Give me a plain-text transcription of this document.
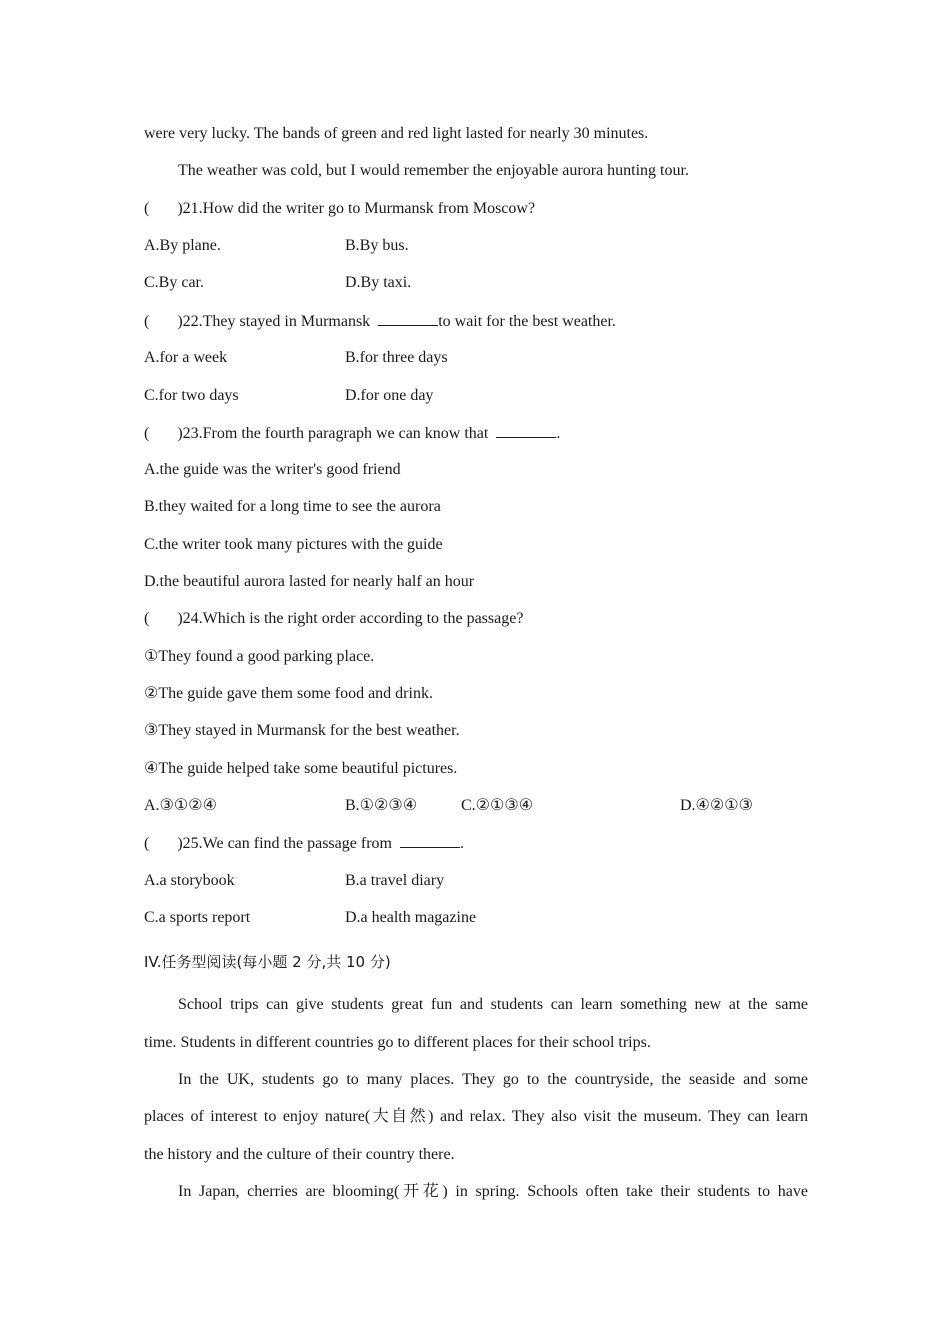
were very lucky. The bands of green and red light lasted for nearly 30 minutes.
The weather was cold, but I would remember the enjoyable aurora hunting tour.
( )21.How did the writer go to Murmansk from Moscow?
A.By plane.	B.By bus.
C.By car.	D.By taxi.
( )22.They stayed in Murmansk	to wait for the best weather.
A.for a week	B.for three days
C.for two days	D.for one day
( )23.From the fourth paragraph we can know that	.
A.the guide was the writer's good friend
B.they waited for a long time to see the aurora
C.the writer took many pictures with the guide
D.the beautiful aurora lasted for nearly half an hour
( )24.Which is the right order according to the passage?
①They found a good parking place.
②The guide gave them some food and drink.
③They stayed in Murmansk for the best weather.
④The guide helped take some beautiful pictures.
A.③①②④	B.①②③④	C.②①③④	D.④②①③
( )25.We can find the passage from	.
A.a storybook	B.a travel diary
C.a sports report	D.a health magazine
IV.任务型阅读(每小题 2 分,共 10 分)
School trips can give students great fun and students can learn something new at the same
time. Students in different countries go to different places for their school trips.
In the UK, students go to many places. They go to the countryside, the seaside and some
places of interest to enjoy nature(大自然) and relax. They also visit the museum. They can learn
the history and the culture of their country there.
In Japan, cherries are blooming(开花) in spring. Schools often take their students to have
